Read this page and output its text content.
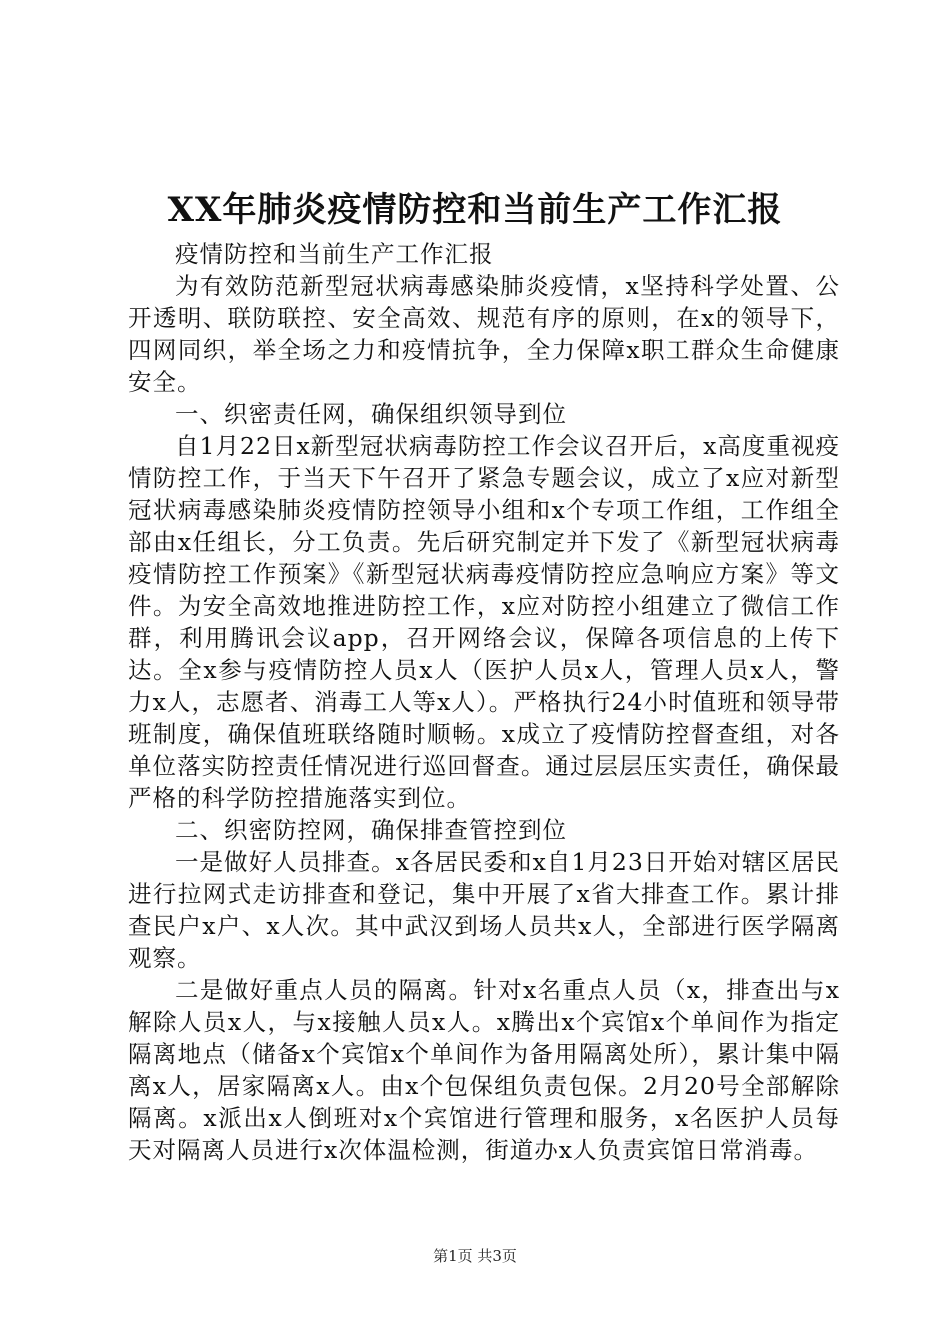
XX年肺炎疫情防控和当前生产工作汇报

疫情防控和当前生产工作汇报

为有效防范新型冠状病毒感染肺炎疫情，x坚持科学处置、公开透明、联防联控、安全高效、规范有序的原则，在x的领导下，四网同织，举全场之力和疫情抗争，全力保障x职工群众生命健康安全。

一、织密责任网，确保组织领导到位

自1月22日x新型冠状病毒防控工作会议召开后，x高度重视疫情防控工作，于当天下午召开了紧急专题会议，成立了x应对新型冠状病毒感染肺炎疫情防控领导小组和x个专项工作组，工作组全部由x任组长，分工负责。先后研究制定并下发了《新型冠状病毒疫情防控工作预案》《新型冠状病毒疫情防控应急响应方案》等文件。为安全高效地推进防控工作，x应对防控小组建立了微信工作群，利用腾讯会议app，召开网络会议，保障各项信息的上传下达。全x参与疫情防控人员x人（医护人员x人，管理人员x人，警力x人，志愿者、消毒工人等x人）。严格执行24小时值班和领导带班制度，确保值班联络随时顺畅。x成立了疫情防控督查组，对各单位落实防控责任情况进行巡回督查。通过层层压实责任，确保最严格的科学防控措施落实到位。

二、织密防控网，确保排查管控到位

一是做好人员排查。x各居民委和x自1月23日开始对辖区居民进行拉网式走访排查和登记，集中开展了x省大排查工作。累计排查民户x户、x人次。其中武汉到场人员共x人，全部进行医学隔离观察。

二是做好重点人员的隔离。针对x名重点人员（x，排查出与x解除人员x人，与x接触人员x人。x腾出x个宾馆x个单间作为指定隔离地点（储备x个宾馆x个单间作为备用隔离处所），累计集中隔离x人，居家隔离x人。由x个包保组负责包保。2月20号全部解除隔离。x派出x人倒班对x个宾馆进行管理和服务，x名医护人员每天对隔离人员进行x次体温检测，街道办x人负责宾馆日常消毒。

第1页 共3页
